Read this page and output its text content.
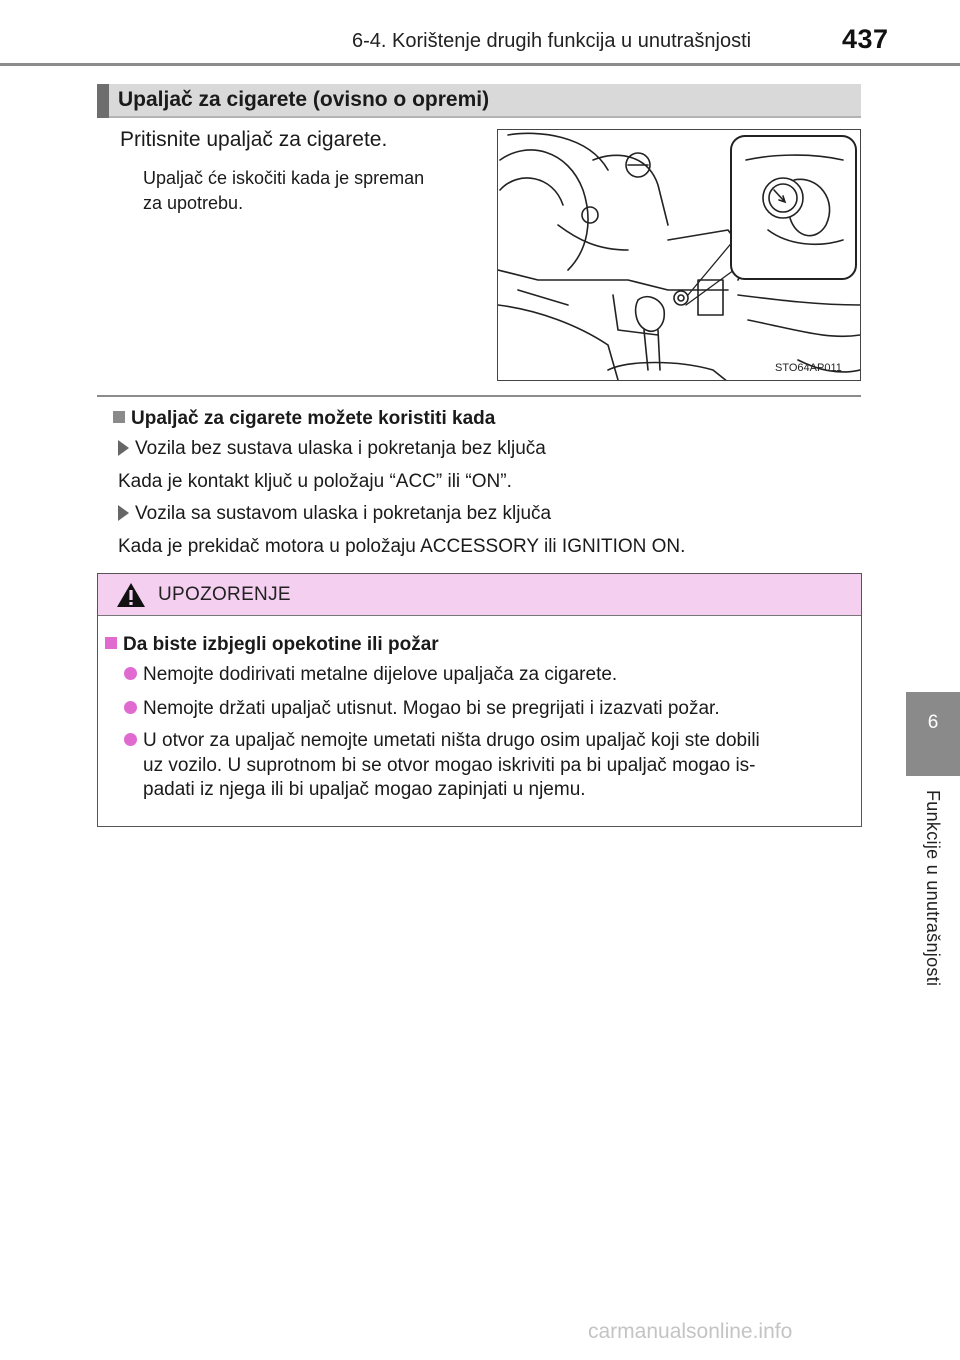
6-4. Korištenje drugih funkcija u unutrašnjosti	437
6
Funkcije u unutrašnjosti
Upaljač za cigarete (ovisno o opremi)
Pritisnite upaljač za cigarete.
Upaljač će iskočiti kada je spreman
za upotrebu.
STO64AP011
Upaljač za cigarete možete koristiti kada
Vozila bez sustava ulaska i pokretanja bez ključa
Kada je kontakt ključ u položaju “ACC” ili “ON”.
Vozila sa sustavom ulaska i pokretanja bez ključa
Kada je prekidač motora u položaju ACCESSORY ili IGNITION ON.
UPOZORENJE
Da biste izbjegli opekotine ili požar
Nemojte dodirivati metalne dijelove upaljača za cigarete.
Nemojte držati upaljač utisnut. Mogao bi se pregrijati i izazvati požar.
U otvor za upaljač nemojte umetati ništa drugo osim upaljač koji ste dobili
uz vozilo. U suprotnom bi se otvor mogao iskriviti pa bi upaljač mogao is-
padati iz njega ili bi upaljač mogao zapinjati u njemu.
carmanualsonline.info
